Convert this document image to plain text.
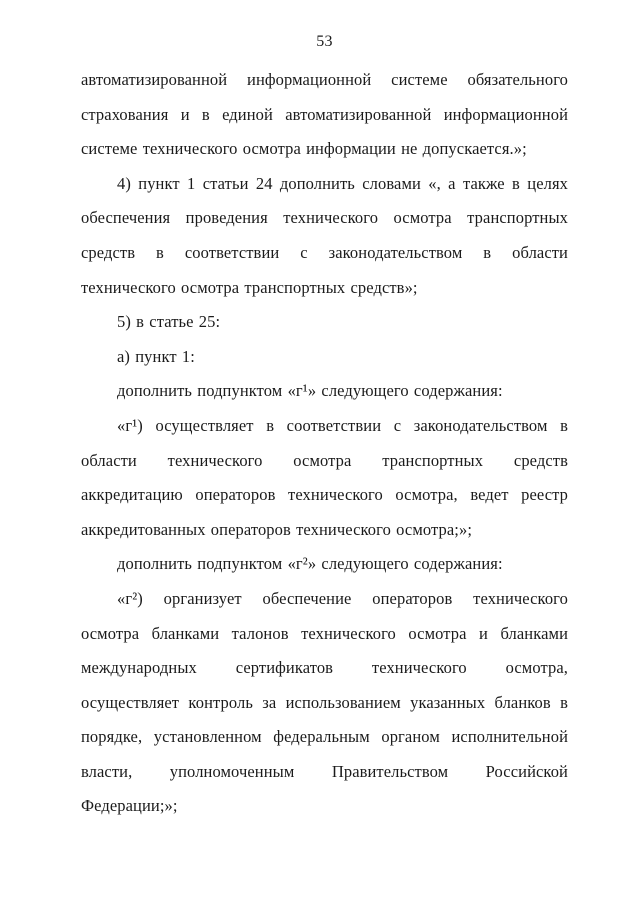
53

автоматизированной информационной системе обязательного страхования и в единой автоматизированной информационной системе технического осмотра информации не допускается.»;

4) пункт 1 статьи 24 дополнить словами «, а также в целях обеспечения проведения технического осмотра транспортных средств в соответствии с законодательством в области технического осмотра транспортных средств»;

5) в статье 25:

а) пункт 1:

дополнить подпунктом «г¹» следующего содержания:

«г¹) осуществляет в соответствии с законодательством в области технического осмотра транспортных средств аккредитацию операторов технического осмотра, ведет реестр аккредитованных операторов технического осмотра;»;

дополнить подпунктом «г²» следующего содержания:

«г²) организует обеспечение операторов технического осмотра бланками талонов технического осмотра и бланками международных сертификатов технического осмотра, осуществляет контроль за использованием указанных бланков в порядке, установленном федеральным органом исполнительной власти, уполномоченным Правительством Российской Федерации;»;
